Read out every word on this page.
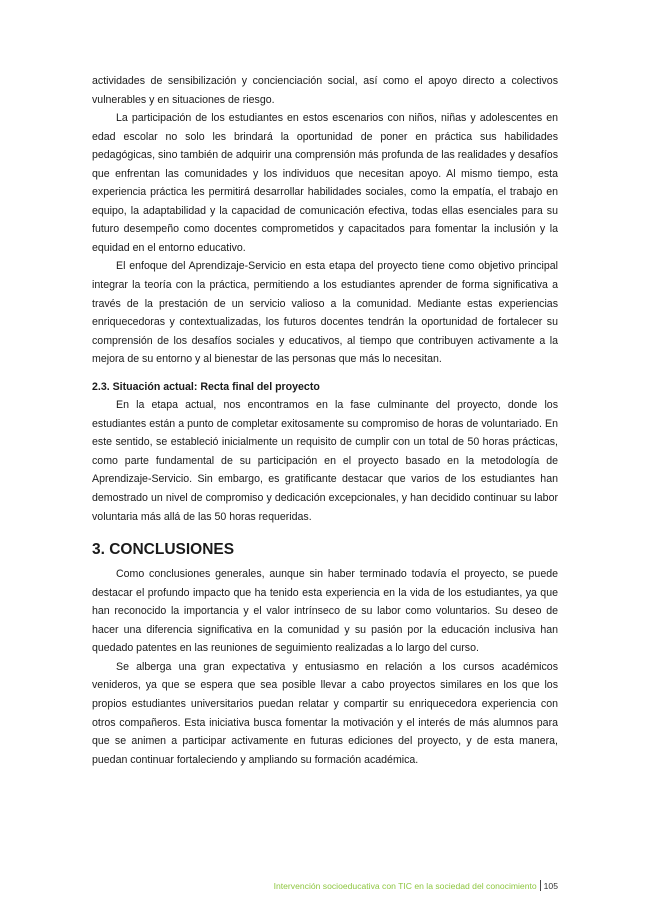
actividades de sensibilización y concienciación social, así como el apoyo directo a colectivos vulnerables y en situaciones de riesgo.

La participación de los estudiantes en estos escenarios con niños, niñas y adolescentes en edad escolar no solo les brindará la oportunidad de poner en práctica sus habilidades pedagógicas, sino también de adquirir una comprensión más profunda de las realidades y desafíos que enfrentan las comunidades y los individuos que necesitan apoyo. Al mismo tiempo, esta experiencia práctica les permitirá desarrollar habilidades sociales, como la empatía, el trabajo en equipo, la adaptabilidad y la capacidad de comunicación efectiva, todas ellas esenciales para su futuro desempeño como docentes comprometidos y capacitados para fomentar la inclusión y la equidad en el entorno educativo.

El enfoque del Aprendizaje-Servicio en esta etapa del proyecto tiene como objetivo principal integrar la teoría con la práctica, permitiendo a los estudiantes aprender de forma significativa a través de la prestación de un servicio valioso a la comunidad. Mediante estas experiencias enriquecedoras y contextualizadas, los futuros docentes tendrán la oportunidad de fortalecer su comprensión de los desafíos sociales y educativos, al tiempo que contribuyen activamente a la mejora de su entorno y al bienestar de las personas que más lo necesitan.

2.3. Situación actual: Recta final del proyecto

En la etapa actual, nos encontramos en la fase culminante del proyecto, donde los estudiantes están a punto de completar exitosamente su compromiso de horas de voluntariado. En este sentido, se estableció inicialmente un requisito de cumplir con un total de 50 horas prácticas, como parte fundamental de su participación en el proyecto basado en la metodología de Aprendizaje-Servicio. Sin embargo, es gratificante destacar que varios de los estudiantes han demostrado un nivel de compromiso y dedicación excepcionales, y han decidido continuar su labor voluntaria más allá de las 50 horas requeridas.

3. CONCLUSIONES

Como conclusiones generales, aunque sin haber terminado todavía el proyecto, se puede destacar el profundo impacto que ha tenido esta experiencia en la vida de los estudiantes, ya que han reconocido la importancia y el valor intrínseco de su labor como voluntarios. Su deseo de hacer una diferencia significativa en la comunidad y su pasión por la educación inclusiva han quedado patentes en las reuniones de seguimiento realizadas a lo largo del curso.

Se alberga una gran expectativa y entusiasmo en relación a los cursos académicos venideros, ya que se espera que sea posible llevar a cabo proyectos similares en los que los propios estudiantes universitarios puedan relatar y compartir su enriquecedora experiencia con otros compañeros. Esta iniciativa busca fomentar la motivación y el interés de más alumnos para que se animen a participar activamente en futuras ediciones del proyecto, y de esta manera, puedan continuar fortaleciendo y ampliando su formación académica.

Intervención socioeducativa con TIC en la sociedad del conocimiento 105
